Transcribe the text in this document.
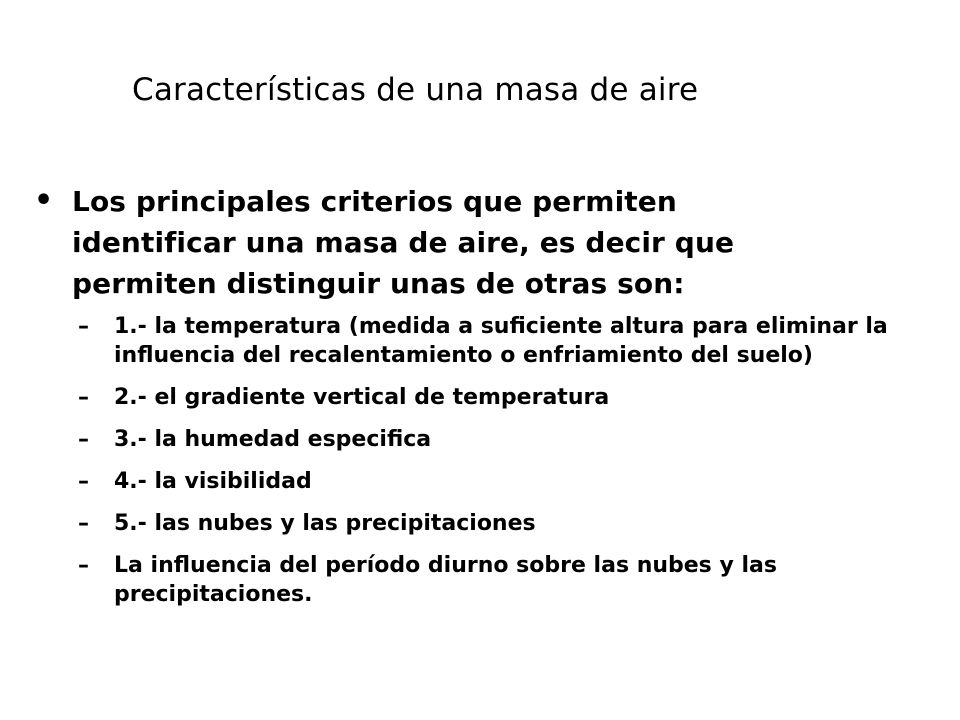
Características de una masa de aire
• Los principales criterios que permiten identificar una masa de aire, es decir que permiten distinguir unas de otras son:
–	1.- la temperatura (medida a suficiente altura para eliminar la influencia del recalentamiento o enfriamiento del suelo)
–	2.- el gradiente vertical de temperatura
–	3.- la humedad especifica
–	4.- la visibilidad
–	5.- las nubes y las precipitaciones
–	La influencia del período diurno sobre las nubes y las precipitaciones.
